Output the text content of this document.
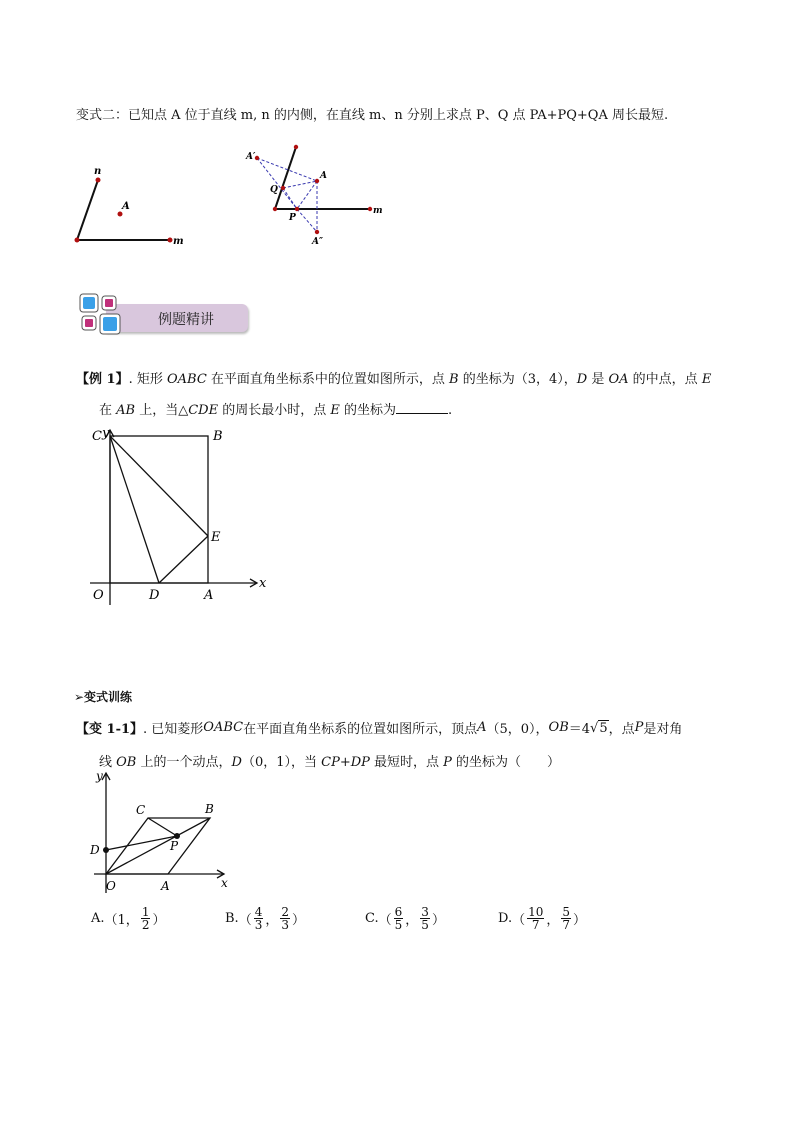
变式二：已知点 A 位于直线 m, n 的内侧，在直线 m、n 分别上求点 P、Q 点 PA+PQ+QA 周长最短.
n
A
m
A′
Q
A
P
m
A″
例题精讲
【例 1】. 矩形 OABC 在平面直角坐标系中的位置如图所示，点 B 的坐标为（3，4），D 是 OA 的中点，点 E
在 AB 上，当△CDE 的周长最小时，点 E 的坐标为	.
y
C	B
E
x
O	D	A
➢变式训练
【变 1-1】 . 已知菱形 OABC 在平面直角坐标系的位置如图所示，顶点 A （5，0）， OB ＝4 √ 5 ，点 P 是对角
线 OB 上的一个动点，D（0，1），当 CP+DP 最短时，点 P 的坐标为（　　）
y
C	B
D	P
O	A	x
A. （1， $\frac{1}{2}$ ）	B. （ $\frac{4}{3}$ ， $\frac{2}{3}$ ）	C. （ $\frac{6}{5}$ ， $\frac{3}{5}$ ）	D. （ $\frac{10}{7}$ ， $\frac{5}{7}$ ）
